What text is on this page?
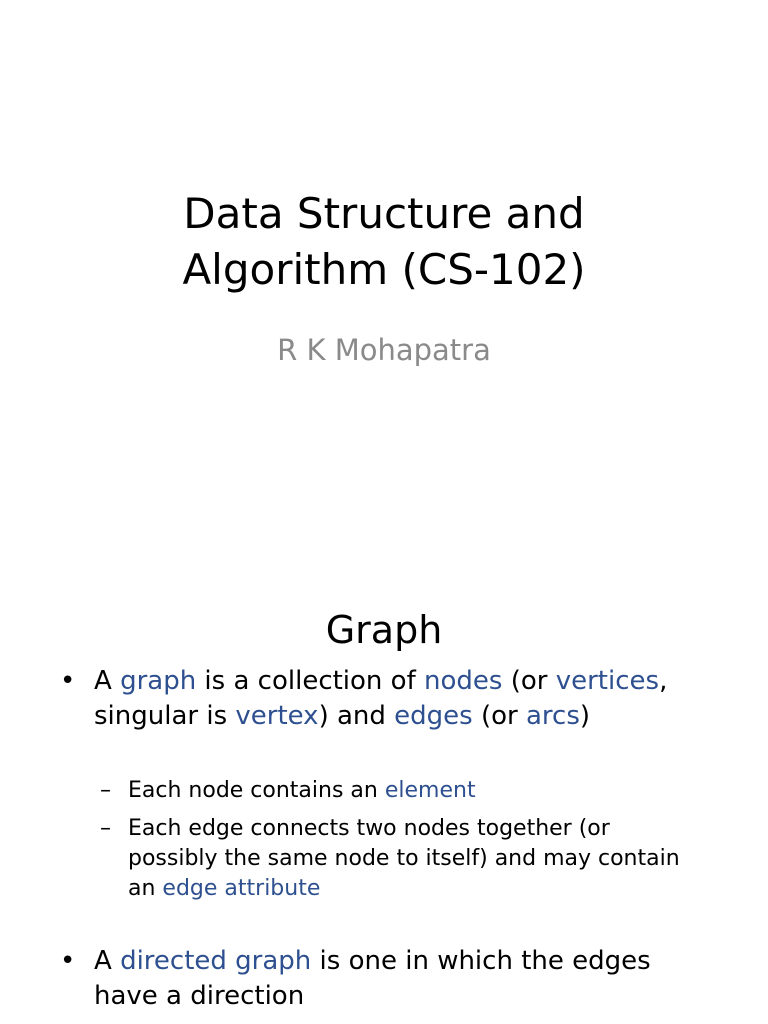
Data Structure and
Algorithm (CS-102)
R K Mohapatra
Graph
• A graph is a collection of nodes (or vertices, singular is vertex) and edges (or arcs)
– Each node contains an element
– Each edge connects two nodes together (or possibly the same node to itself) and may contain an edge attribute
• A directed graph is one in which the edges have a direction
